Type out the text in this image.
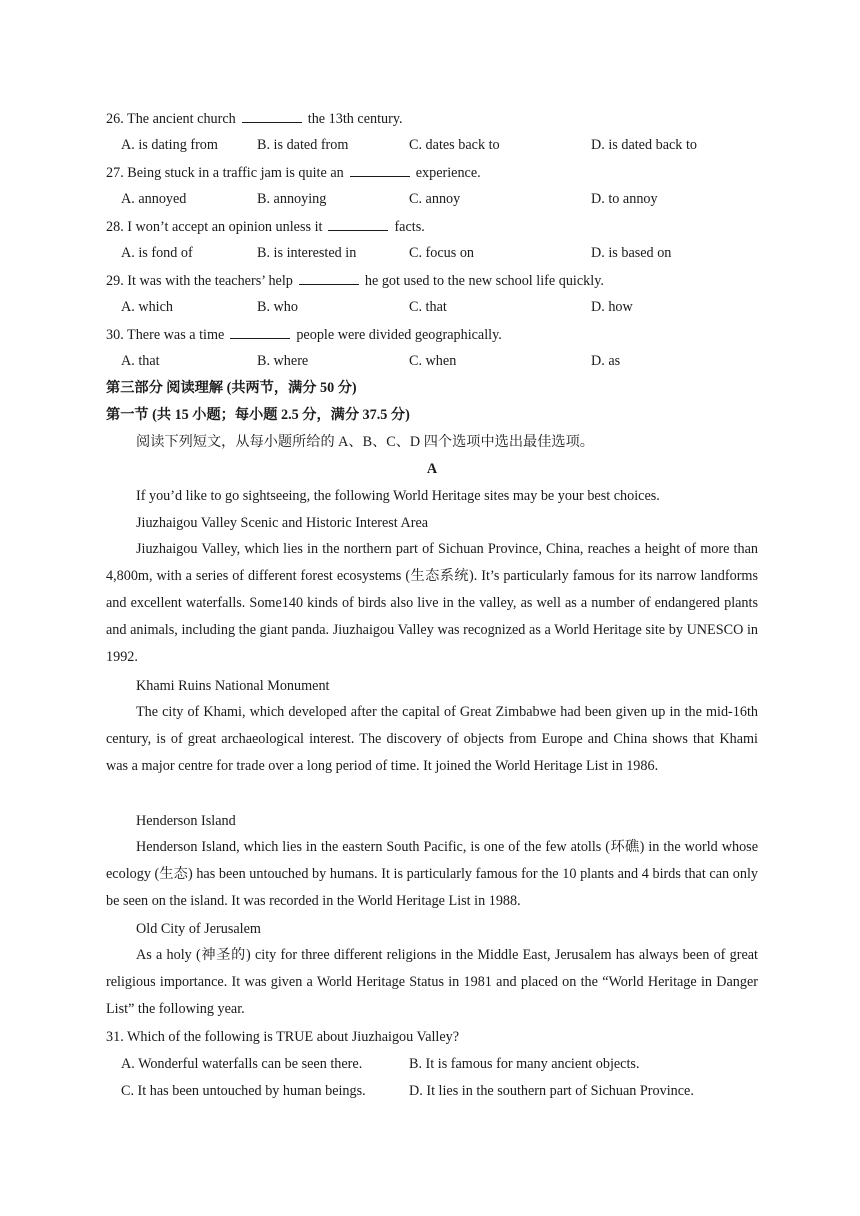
26. The ancient church	the 13th century.
A. is dating from	B. is dated from	C. dates back to	D. is dated back to
27. Being stuck in a traffic jam is quite an	experience.
A. annoyed	B. annoying	C. annoy	D. to annoy
28. I won’t accept an opinion unless it	facts.
A. is fond of	B. is interested in	C. focus on	D. is based on
29. It was with the teachers’ help	he got used to the new school life quickly.
A. which	B. who	C. that	D. how
30. There was a time	people were divided geographically.
A. that	B. where	C. when	D. as
第三部分 阅读理解 (共两节，满分 50 分)
第一节 (共 15 小题；每小题 2.5 分，满分 37.5 分)
阅读下列短文，从每小题所给的 A、B、C、D 四个选项中选出最佳选项。
A
If you’d like to go sightseeing, the following World Heritage sites may be your best choices.
Jiuzhaigou Valley Scenic and Historic Interest Area
Jiuzhaigou Valley, which lies in the northern part of Sichuan Province, China, reaches a height of more than 4,800m, with a series of different forest ecosystems (生态系统). It’s particularly famous for its narrow landforms and excellent waterfalls. Some140 kinds of birds also live in the valley, as well as a number of endangered plants and animals, including the giant panda. Jiuzhaigou Valley was recognized as a World Heritage site by UNESCO in 1992.
Khami Ruins National Monument
The city of Khami, which developed after the capital of Great Zimbabwe had been given up in the mid-16th century, is of great archaeological interest. The discovery of objects from Europe and China shows that Khami was a major centre for trade over a long period of time. It joined the World Heritage List in 1986.
Henderson Island
Henderson Island, which lies in the eastern South Pacific, is one of the few atolls (环礁) in the world whose ecology (生态) has been untouched by humans. It is particularly famous for the 10 plants and 4 birds that can only be seen on the island. It was recorded in the World Heritage List in 1988.
Old City of Jerusalem
As a holy (神圣的) city for three different religions in the Middle East, Jerusalem has always been of great religious importance. It was given a World Heritage Status in 1981 and placed on the “World Heritage in Danger List” the following year.
31. Which of the following is TRUE about Jiuzhaigou Valley?
A. Wonderful waterfalls can be seen there.	B. It is famous for many ancient objects.
C. It has been untouched by human beings.	D. It lies in the southern part of Sichuan Province.
